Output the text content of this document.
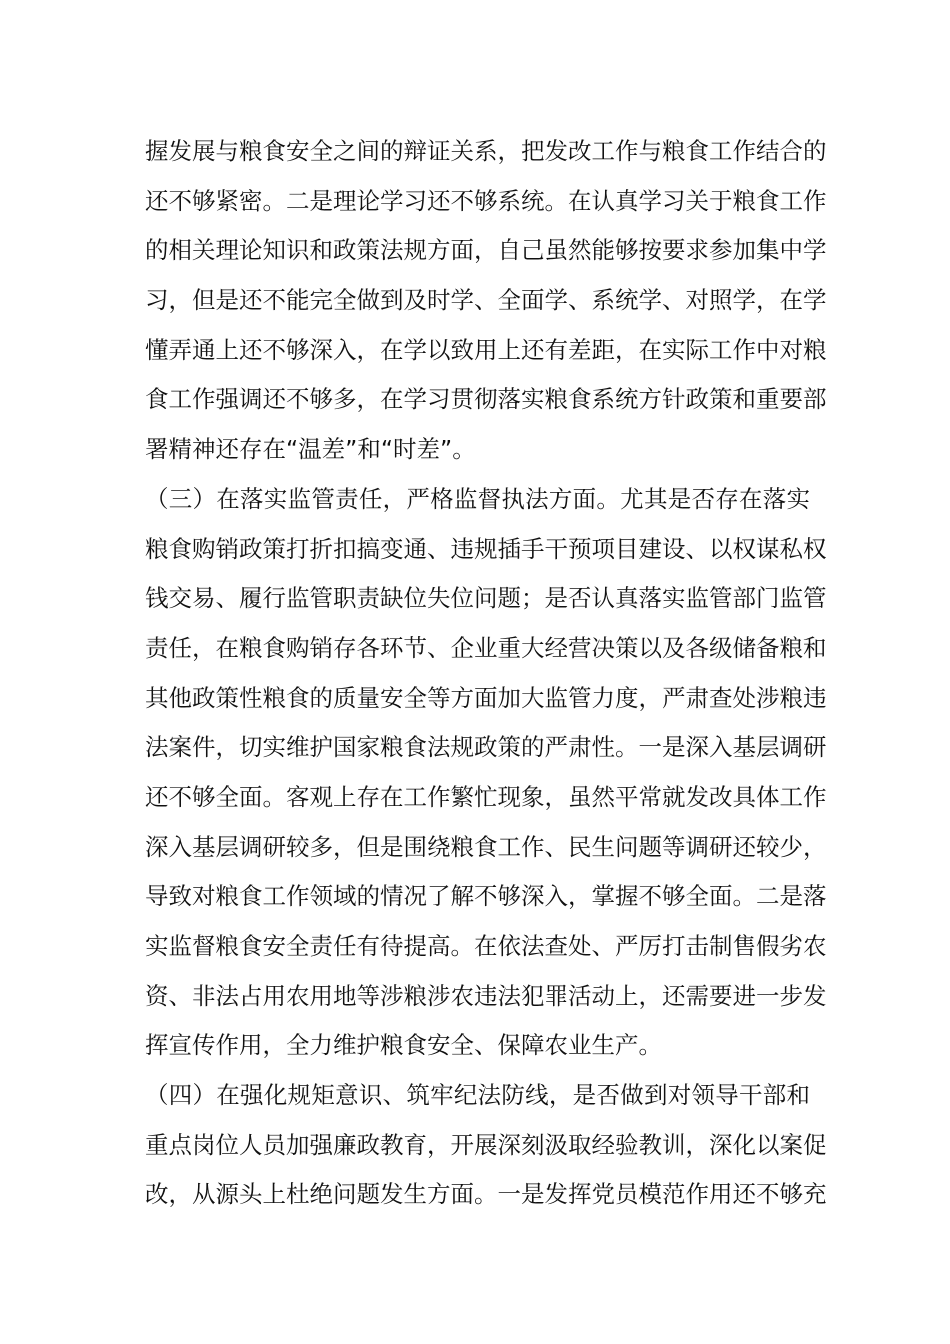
握发展与粮食安全之间的辩证关系，把发改工作与粮食工作结合的
还不够紧密。二是理论学习还不够系统。在认真学习关于粮食工作
的相关理论知识和政策法规方面，自己虽然能够按要求参加集中学
习，但是还不能完全做到及时学、全面学、系统学、对照学，在学
懂弄通上还不够深入，在学以致用上还有差距，在实际工作中对粮
食工作强调还不够多，在学习贯彻落实粮食系统方针政策和重要部
署精神还存在“温差”和“时差”。
（三）在落实监管责任，严格监督执法方面。尤其是否存在落实
粮食购销政策打折扣搞变通、违规插手干预项目建设、以权谋私权
钱交易、履行监管职责缺位失位问题；是否认真落实监管部门监管
责任，在粮食购销存各环节、企业重大经营决策以及各级储备粮和
其他政策性粮食的质量安全等方面加大监管力度，严肃查处涉粮违
法案件，切实维护国家粮食法规政策的严肃性。一是深入基层调研
还不够全面。客观上存在工作繁忙现象，虽然平常就发改具体工作
深入基层调研较多，但是围绕粮食工作、民生问题等调研还较少，
导致对粮食工作领域的情况了解不够深入，掌握不够全面。二是落
实监督粮食安全责任有待提高。在依法查处、严厉打击制售假劣农
资、非法占用农用地等涉粮涉农违法犯罪活动上，还需要进一步发
挥宣传作用，全力维护粮食安全、保障农业生产。
（四）在强化规矩意识、筑牢纪法防线，是否做到对领导干部和
重点岗位人员加强廉政教育，开展深刻汲取经验教训，深化以案促
改，从源头上杜绝问题发生方面。一是发挥党员模范作用还不够充
